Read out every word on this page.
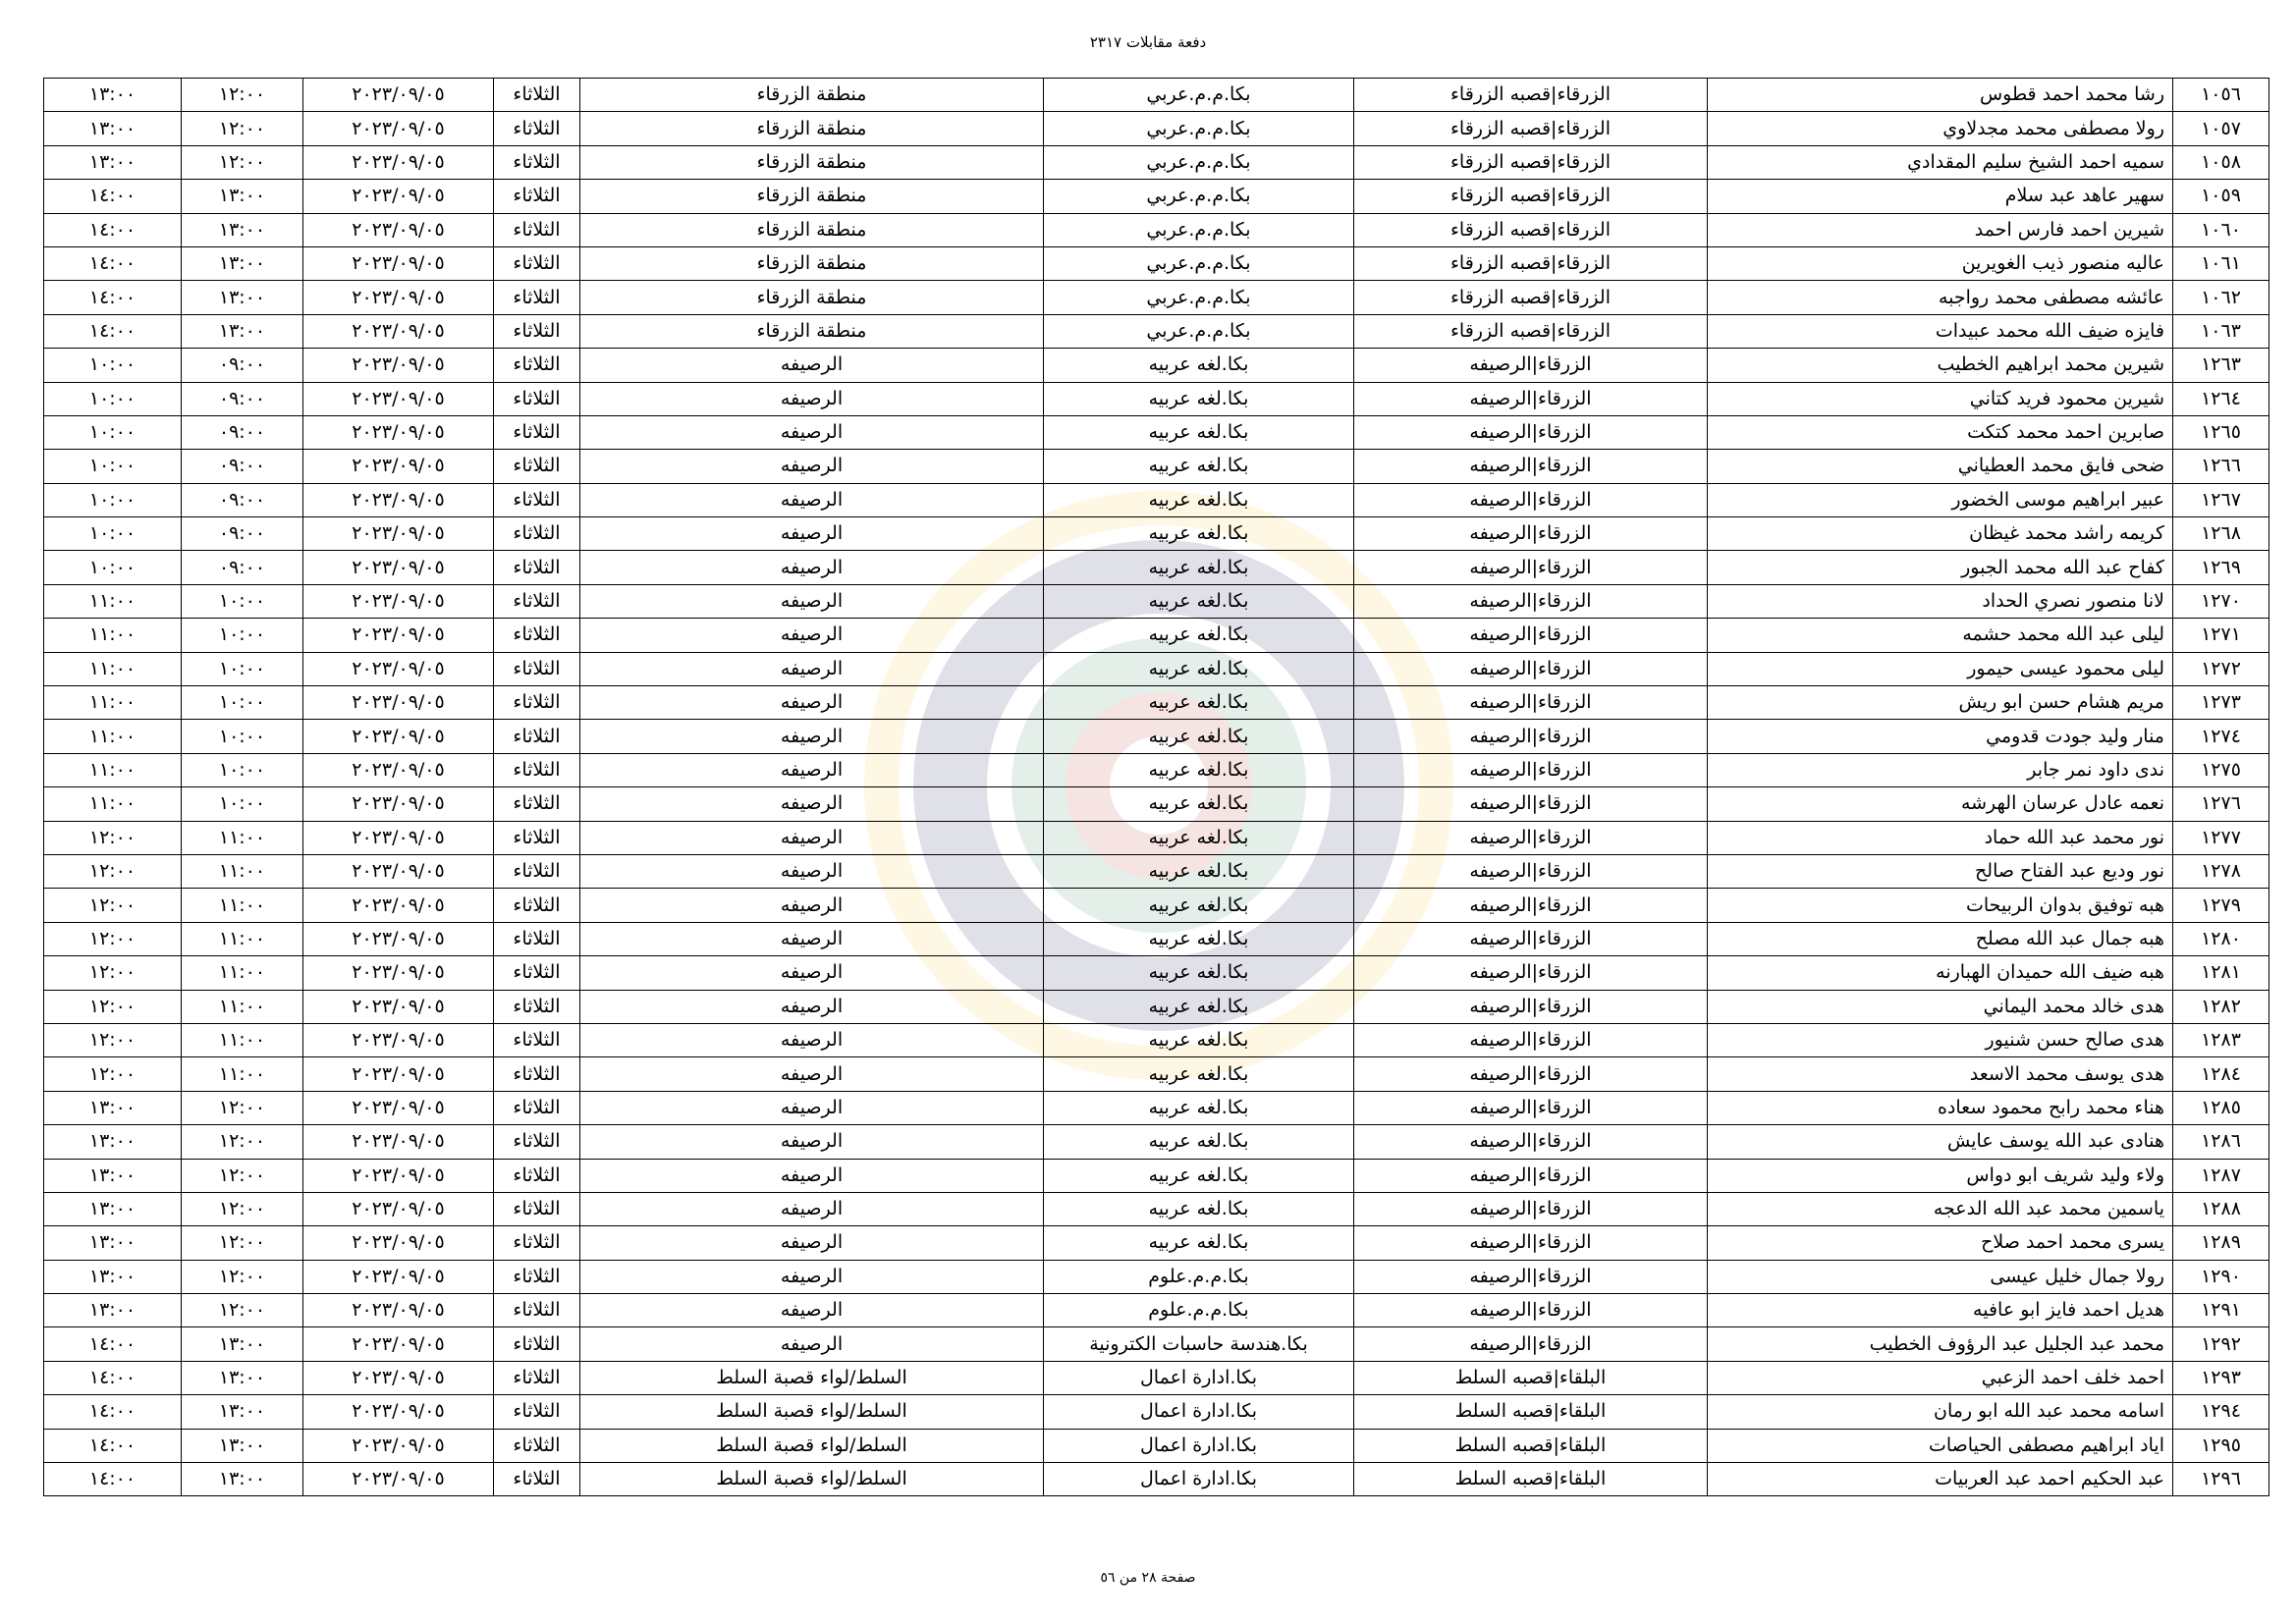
دفعة مقابلات ٢٣١٧
١٠٥٦	رشا محمد احمد قطوس	الزرقاء|قصبه الزرقاء	بكا.م.م.عربي	منطقة الزرقاء	الثلاثاء	٢٠٢٣/٠٩/٠٥	١٢:٠٠	١٣:٠٠
١٠٥٧	رولا مصطفى محمد مجدلاوي	الزرقاء|قصبه الزرقاء	بكا.م.م.عربي	منطقة الزرقاء	الثلاثاء	٢٠٢٣/٠٩/٠٥	١٢:٠٠	١٣:٠٠
١٠٥٨	سميه احمد الشيخ سليم المقدادي	الزرقاء|قصبه الزرقاء	بكا.م.م.عربي	منطقة الزرقاء	الثلاثاء	٢٠٢٣/٠٩/٠٥	١٢:٠٠	١٣:٠٠
١٠٥٩	سهير عاهد عبد سلام	الزرقاء|قصبه الزرقاء	بكا.م.م.عربي	منطقة الزرقاء	الثلاثاء	٢٠٢٣/٠٩/٠٥	١٣:٠٠	١٤:٠٠
١٠٦٠	شيرين احمد فارس احمد	الزرقاء|قصبه الزرقاء	بكا.م.م.عربي	منطقة الزرقاء	الثلاثاء	٢٠٢٣/٠٩/٠٥	١٣:٠٠	١٤:٠٠
١٠٦١	عاليه منصور ذيب الغويرين	الزرقاء|قصبه الزرقاء	بكا.م.م.عربي	منطقة الزرقاء	الثلاثاء	٢٠٢٣/٠٩/٠٥	١٣:٠٠	١٤:٠٠
١٠٦٢	عائشه مصطفى محمد رواجبه	الزرقاء|قصبه الزرقاء	بكا.م.م.عربي	منطقة الزرقاء	الثلاثاء	٢٠٢٣/٠٩/٠٥	١٣:٠٠	١٤:٠٠
١٠٦٣	فايزه ضيف الله محمد عبيدات	الزرقاء|قصبه الزرقاء	بكا.م.م.عربي	منطقة الزرقاء	الثلاثاء	٢٠٢٣/٠٩/٠٥	١٣:٠٠	١٤:٠٠
١٢٦٣	شيرين محمد ابراهيم الخطيب	الزرقاء|الرصيفه	بكا.لغه عربيه	الرصيفه	الثلاثاء	٢٠٢٣/٠٩/٠٥	٠٩:٠٠	١٠:٠٠
١٢٦٤	شيرين محمود فريد كتاني	الزرقاء|الرصيفه	بكا.لغه عربيه	الرصيفه	الثلاثاء	٢٠٢٣/٠٩/٠٥	٠٩:٠٠	١٠:٠٠
١٢٦٥	صابرين احمد محمد كتكت	الزرقاء|الرصيفه	بكا.لغه عربيه	الرصيفه	الثلاثاء	٢٠٢٣/٠٩/٠٥	٠٩:٠٠	١٠:٠٠
١٢٦٦	ضحى فايق محمد العطياني	الزرقاء|الرصيفه	بكا.لغه عربيه	الرصيفه	الثلاثاء	٢٠٢٣/٠٩/٠٥	٠٩:٠٠	١٠:٠٠
١٢٦٧	عبير ابراهيم موسى الخضور	الزرقاء|الرصيفه	بكا.لغه عربيه	الرصيفه	الثلاثاء	٢٠٢٣/٠٩/٠٥	٠٩:٠٠	١٠:٠٠
١٢٦٨	كريمه راشد محمد غيظان	الزرقاء|الرصيفه	بكا.لغه عربيه	الرصيفه	الثلاثاء	٢٠٢٣/٠٩/٠٥	٠٩:٠٠	١٠:٠٠
١٢٦٩	كفاح عبد الله محمد الجبور	الزرقاء|الرصيفه	بكا.لغه عربيه	الرصيفه	الثلاثاء	٢٠٢٣/٠٩/٠٥	٠٩:٠٠	١٠:٠٠
١٢٧٠	لانا منصور نصري الحداد	الزرقاء|الرصيفه	بكا.لغه عربيه	الرصيفه	الثلاثاء	٢٠٢٣/٠٩/٠٥	١٠:٠٠	١١:٠٠
١٢٧١	ليلى عبد الله محمد حشمه	الزرقاء|الرصيفه	بكا.لغه عربيه	الرصيفه	الثلاثاء	٢٠٢٣/٠٩/٠٥	١٠:٠٠	١١:٠٠
١٢٧٢	ليلى محمود عيسى حيمور	الزرقاء|الرصيفه	بكا.لغه عربيه	الرصيفه	الثلاثاء	٢٠٢٣/٠٩/٠٥	١٠:٠٠	١١:٠٠
١٢٧٣	مريم هشام حسن ابو ريش	الزرقاء|الرصيفه	بكا.لغه عربيه	الرصيفه	الثلاثاء	٢٠٢٣/٠٩/٠٥	١٠:٠٠	١١:٠٠
١٢٧٤	منار وليد جودت قدومي	الزرقاء|الرصيفه	بكا.لغه عربيه	الرصيفه	الثلاثاء	٢٠٢٣/٠٩/٠٥	١٠:٠٠	١١:٠٠
١٢٧٥	ندى داود نمر جابر	الزرقاء|الرصيفه	بكا.لغه عربيه	الرصيفه	الثلاثاء	٢٠٢٣/٠٩/٠٥	١٠:٠٠	١١:٠٠
١٢٧٦	نعمه عادل عرسان الهرشه	الزرقاء|الرصيفه	بكا.لغه عربيه	الرصيفه	الثلاثاء	٢٠٢٣/٠٩/٠٥	١٠:٠٠	١١:٠٠
١٢٧٧	نور محمد عبد الله حماد	الزرقاء|الرصيفه	بكا.لغه عربيه	الرصيفه	الثلاثاء	٢٠٢٣/٠٩/٠٥	١١:٠٠	١٢:٠٠
١٢٧٨	نور وديع عبد الفتاح صالح	الزرقاء|الرصيفه	بكا.لغه عربيه	الرصيفه	الثلاثاء	٢٠٢٣/٠٩/٠٥	١١:٠٠	١٢:٠٠
١٢٧٩	هبه توفيق بدوان الربيحات	الزرقاء|الرصيفه	بكا.لغه عربيه	الرصيفه	الثلاثاء	٢٠٢٣/٠٩/٠٥	١١:٠٠	١٢:٠٠
١٢٨٠	هبه جمال عبد الله مصلح	الزرقاء|الرصيفه	بكا.لغه عربيه	الرصيفه	الثلاثاء	٢٠٢٣/٠٩/٠٥	١١:٠٠	١٢:٠٠
١٢٨١	هبه ضيف الله حميدان الهبارنه	الزرقاء|الرصيفه	بكا.لغه عربيه	الرصيفه	الثلاثاء	٢٠٢٣/٠٩/٠٥	١١:٠٠	١٢:٠٠
١٢٨٢	هدى خالد محمد اليماني	الزرقاء|الرصيفه	بكا.لغه عربيه	الرصيفه	الثلاثاء	٢٠٢٣/٠٩/٠٥	١١:٠٠	١٢:٠٠
١٢٨٣	هدى صالح حسن شنيور	الزرقاء|الرصيفه	بكا.لغه عربيه	الرصيفه	الثلاثاء	٢٠٢٣/٠٩/٠٥	١١:٠٠	١٢:٠٠
١٢٨٤	هدى يوسف محمد الاسعد	الزرقاء|الرصيفه	بكا.لغه عربيه	الرصيفه	الثلاثاء	٢٠٢٣/٠٩/٠٥	١١:٠٠	١٢:٠٠
١٢٨٥	هناء محمد رابح محمود سعاده	الزرقاء|الرصيفه	بكا.لغه عربيه	الرصيفه	الثلاثاء	٢٠٢٣/٠٩/٠٥	١٢:٠٠	١٣:٠٠
١٢٨٦	هنادى عبد الله يوسف عايش	الزرقاء|الرصيفه	بكا.لغه عربيه	الرصيفه	الثلاثاء	٢٠٢٣/٠٩/٠٥	١٢:٠٠	١٣:٠٠
١٢٨٧	ولاء وليد شريف ابو دواس	الزرقاء|الرصيفه	بكا.لغه عربيه	الرصيفه	الثلاثاء	٢٠٢٣/٠٩/٠٥	١٢:٠٠	١٣:٠٠
١٢٨٨	ياسمين محمد عبد الله الدعجه	الزرقاء|الرصيفه	بكا.لغه عربيه	الرصيفه	الثلاثاء	٢٠٢٣/٠٩/٠٥	١٢:٠٠	١٣:٠٠
١٢٨٩	يسرى محمد احمد صلاح	الزرقاء|الرصيفه	بكا.لغه عربيه	الرصيفه	الثلاثاء	٢٠٢٣/٠٩/٠٥	١٢:٠٠	١٣:٠٠
١٢٩٠	رولا جمال خليل عيسى	الزرقاء|الرصيفه	بكا.م.م.علوم	الرصيفه	الثلاثاء	٢٠٢٣/٠٩/٠٥	١٢:٠٠	١٣:٠٠
١٢٩١	هديل احمد فايز ابو عافيه	الزرقاء|الرصيفه	بكا.م.م.علوم	الرصيفه	الثلاثاء	٢٠٢٣/٠٩/٠٥	١٢:٠٠	١٣:٠٠
١٢٩٢	محمد عبد الجليل عبد الرؤوف الخطيب	الزرقاء|الرصيفه	بكا.هندسة حاسبات الكترونية	الرصيفه	الثلاثاء	٢٠٢٣/٠٩/٠٥	١٣:٠٠	١٤:٠٠
١٢٩٣	احمد خلف احمد الزعبي	البلقاء|قصبه السلط	بكا.ادارة اعمال	السلط/لواء قصبة السلط	الثلاثاء	٢٠٢٣/٠٩/٠٥	١٣:٠٠	١٤:٠٠
١٢٩٤	اسامه محمد عبد الله ابو رمان	البلقاء|قصبه السلط	بكا.ادارة اعمال	السلط/لواء قصبة السلط	الثلاثاء	٢٠٢٣/٠٩/٠٥	١٣:٠٠	١٤:٠٠
١٢٩٥	اياد ابراهيم مصطفى الحياصات	البلقاء|قصبه السلط	بكا.ادارة اعمال	السلط/لواء قصبة السلط	الثلاثاء	٢٠٢٣/٠٩/٠٥	١٣:٠٠	١٤:٠٠
١٢٩٦	عبد الحكيم احمد عبد العربيات	البلقاء|قصبه السلط	بكا.ادارة اعمال	السلط/لواء قصبة السلط	الثلاثاء	٢٠٢٣/٠٩/٠٥	١٣:٠٠	١٤:٠٠
صفحة ٢٨ من ٥٦
